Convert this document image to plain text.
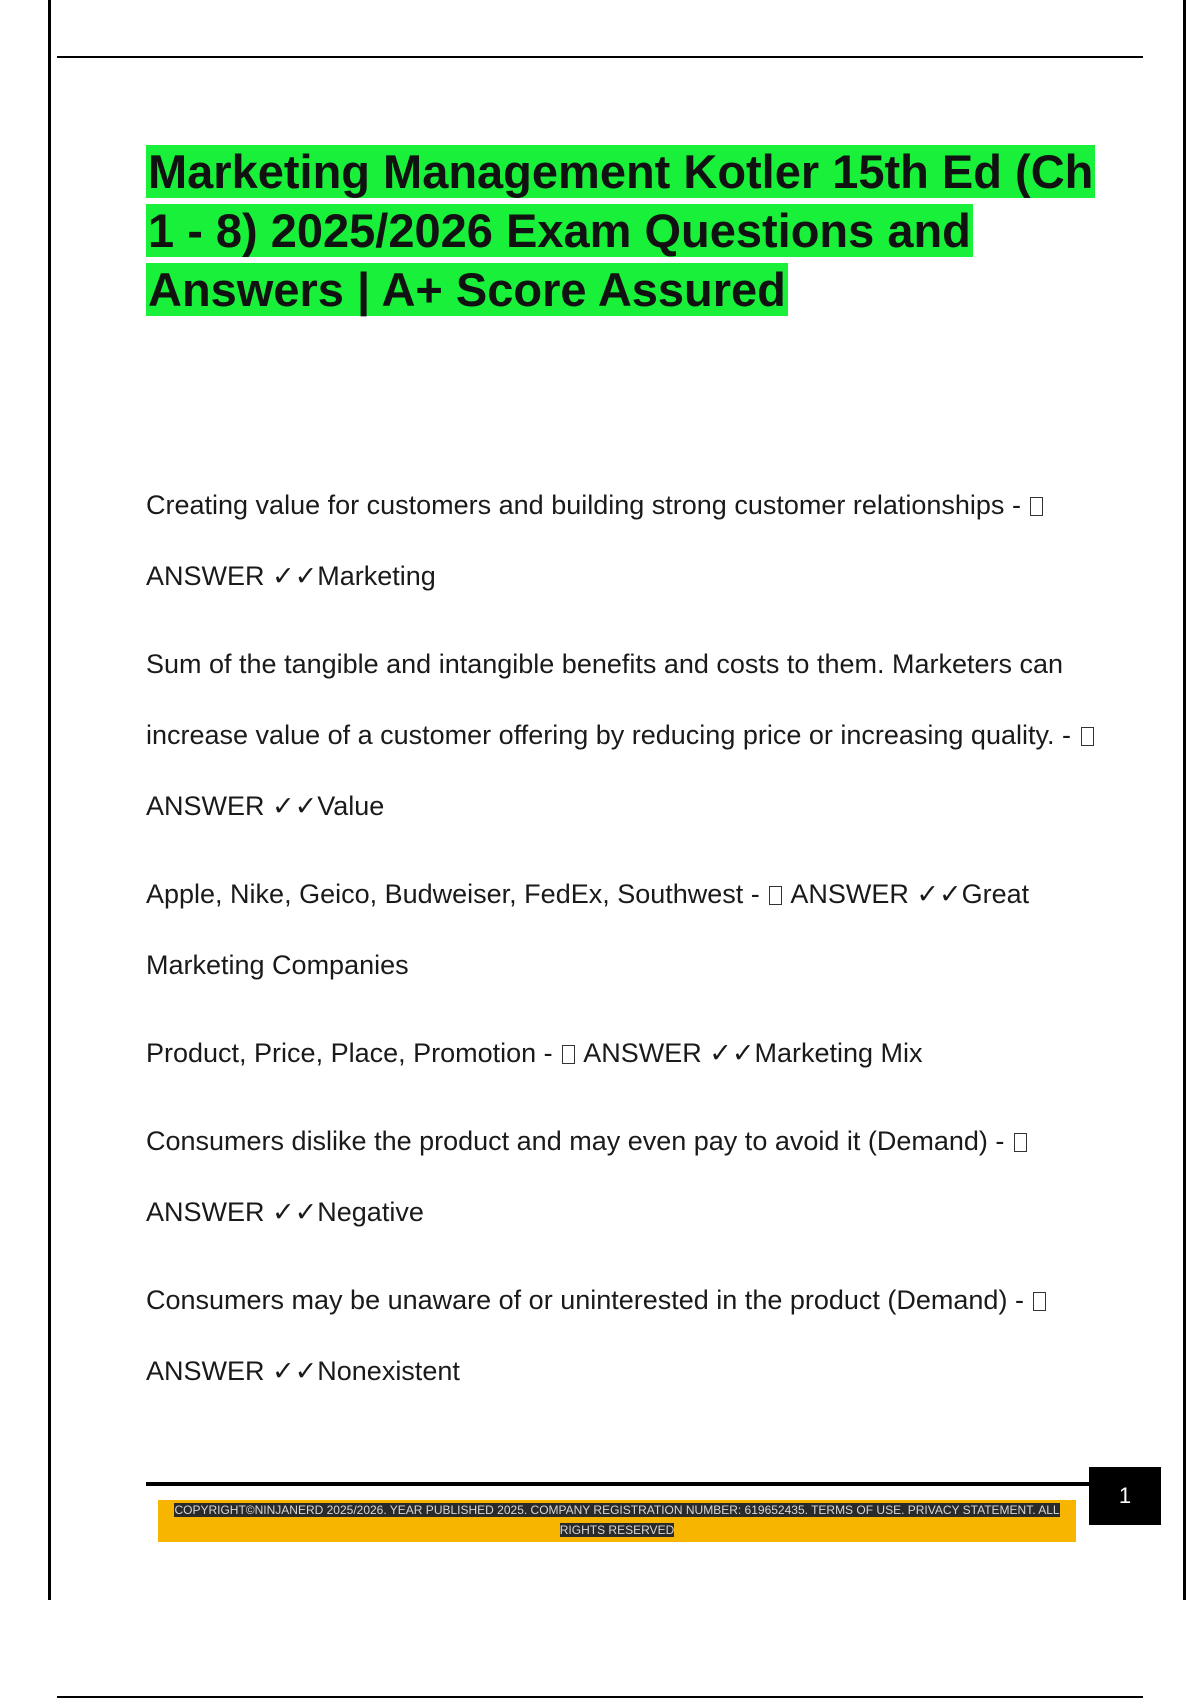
Marketing Management Kotler 15th Ed (Ch 1 - 8) 2025/2026 Exam Questions and Answers | A+ Score Assured

Creating value for customers and building strong customer relationships -  ANSWER ✓✓Marketing

Sum of the tangible and intangible benefits and costs to them. Marketers can increase value of a customer offering by reducing price or increasing quality. -  ANSWER ✓✓Value

Apple, Nike, Geico, Budweiser, FedEx, Southwest - ANSWER ✓✓Great Marketing Companies

Product, Price, Place, Promotion - ANSWER ✓✓Marketing Mix

Consumers dislike the product and may even pay to avoid it (Demand) -  ANSWER ✓✓Negative

Consumers may be unaware of or uninterested in the product (Demand) -  ANSWER ✓✓Nonexistent

1
COPYRIGHT©NINJANERD 2025/2026. YEAR PUBLISHED 2025. COMPANY REGISTRATION NUMBER: 619652435. TERMS OF USE. PRIVACY STATEMENT. ALL RIGHTS RESERVED
